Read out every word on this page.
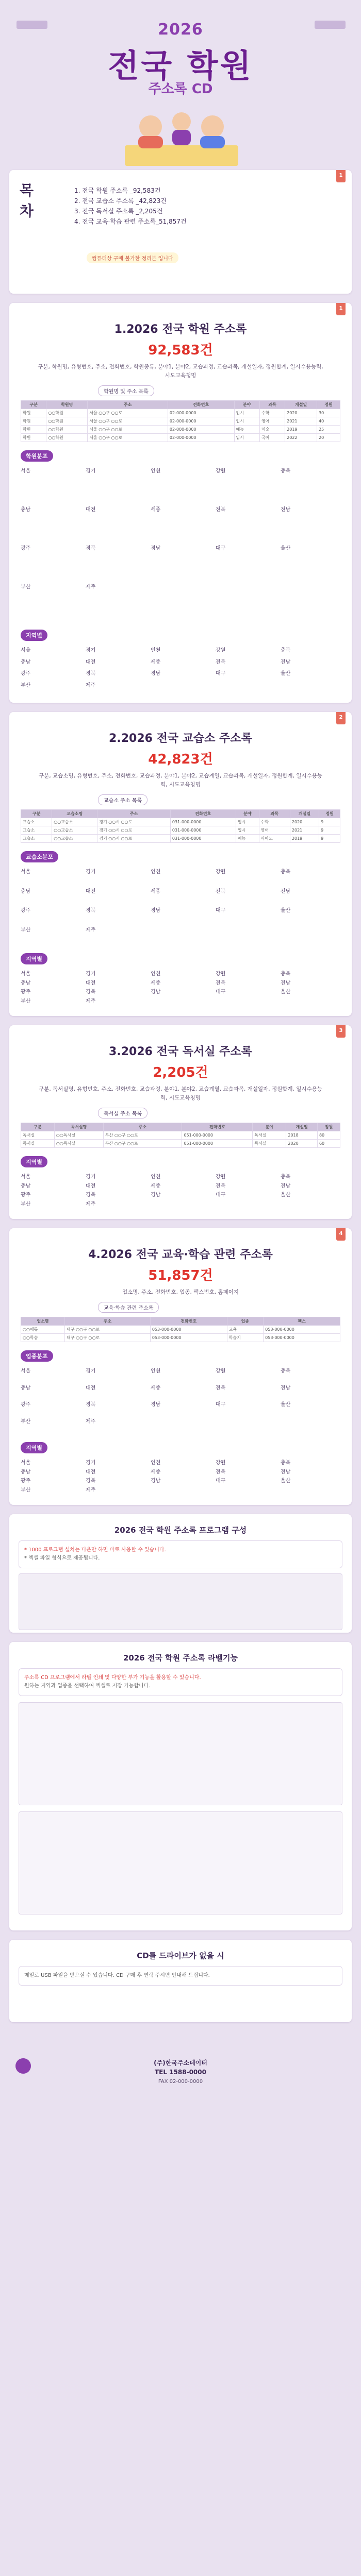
2026
전국 학원
주소록 CD
1
목 차
1. 전국 학원 주소록 _92,583건
2. 전국 교습소 주소록 _42,823건
3. 전국 독서실 주소록 _2,205건
4. 전국 교육·학습 관련 주소록_51,857건
컴퓨터상 구매 불가한 정리본 입니다
1
1.2026 전국 학원 주소록
92,583건
구분, 학원명, 유형번호, 주소, 전화번호, 학원종류, 분야1, 분야2, 교습과정, 교습과목, 개설일자, 정원합계, 일시수용능력, 시도교육청명
학원명 및 주소 목록
구분	학원명	주소	전화번호	분야	과목	개설일	정원
학원	○○학원	서울 ○○구 ○○로	02-000-0000	입시	수학	2020	30
학원	○○학원	서울 ○○구 ○○로	02-000-0000	입시	영어	2021	40
학원	○○학원	서울 ○○구 ○○로	02-000-0000	예능	미술	2019	25
학원	○○학원	서울 ○○구 ○○로	02-000-0000	입시	국어	2022	20
학원분포
서울	경기	인천	강원	충북
충남	대전	세종	전북	전남
광주	경북	경남	대구	울산
부산	제주
지역별
서울	경기	인천	강원	충북
충남	대전	세종	전북	전남
광주	경북	경남	대구	울산
부산	제주
2
2.2026 전국 교습소 주소록
42,823건
구분, 교습소명, 유형번호, 주소, 전화번호, 교습과정, 분야1, 분야2, 교습계열, 교습과목, 개설일자, 정원합계, 일시수용능력, 시도교육청명
교습소 주소 목록
구분	교습소명	주소	전화번호	분야	과목	개설일	정원
교습소	○○교습소	경기 ○○시 ○○로	031-000-0000	입시	수학	2020	9
교습소	○○교습소	경기 ○○시 ○○로	031-000-0000	입시	영어	2021	9
교습소	○○교습소	경기 ○○시 ○○로	031-000-0000	예능	피아노	2019	9
교습소분포
서울	경기	인천	강원	충북
충남	대전	세종	전북	전남
광주	경북	경남	대구	울산
부산	제주
지역별
서울	경기	인천	강원	충북
충남	대전	세종	전북	전남
광주	경북	경남	대구	울산
부산	제주
3
3.2026 전국 독서실 주소록
2,205건
구분, 독서실명, 유형번호, 주소, 전화번호, 교습과정, 분야1, 분야2, 교습계열, 교습과목, 개설일자, 정원합계, 일시수용능력, 시도교육청명
독서실 주소 목록
구분	독서실명	주소	전화번호	분야	개설일	정원
독서실	○○독서실	부산 ○○구 ○○로	051-000-0000	독서실	2018	80
독서실	○○독서실	부산 ○○구 ○○로	051-000-0000	독서실	2020	60
지역별
서울	경기	인천	강원	충북
충남	대전	세종	전북	전남
광주	경북	경남	대구	울산
부산	제주
4
4.2026 전국 교육·학습 관련 주소록
51,857건
업소명, 주소, 전화번호, 업종, 팩스번호, 홈페이지
교육·학습 관련 주소록
업소명	주소	전화번호	업종	팩스
○○에듀	대구 ○○구 ○○로	053-000-0000	교육	053-000-0000
○○학습	대구 ○○구 ○○로	053-000-0000	학습지	053-000-0000
업종분포
서울	경기	인천	강원	충북
충남	대전	세종	전북	전남
광주	경북	경남	대구	울산
부산	제주
지역별
서울	경기	인천	강원	충북
충남	대전	세종	전북	전남
광주	경북	경남	대구	울산
부산	제주
2026 전국 학원 주소록 프로그램 구성
* 1000 프로그램 설치는 다운만 하면 바로 사용할 수 있습니다.
* 엑셀 파일 형식으로 제공됩니다.
2026 전국 학원 주소록 라벨기능
주소록 CD 프로그램에서 라벨 인쇄 및 다양한 부가 기능을 활용할 수 있습니다.
원하는 지역과 업종을 선택하여 엑셀로 저장 가능합니다.
CD를 드라이브가 없을 시
메일로 USB 파일을 받으실 수 있습니다. CD 구매 후 연락 주시면 안내해 드립니다.
(주)한국주소데이터
TEL 1588-0000
FAX 02-000-0000
